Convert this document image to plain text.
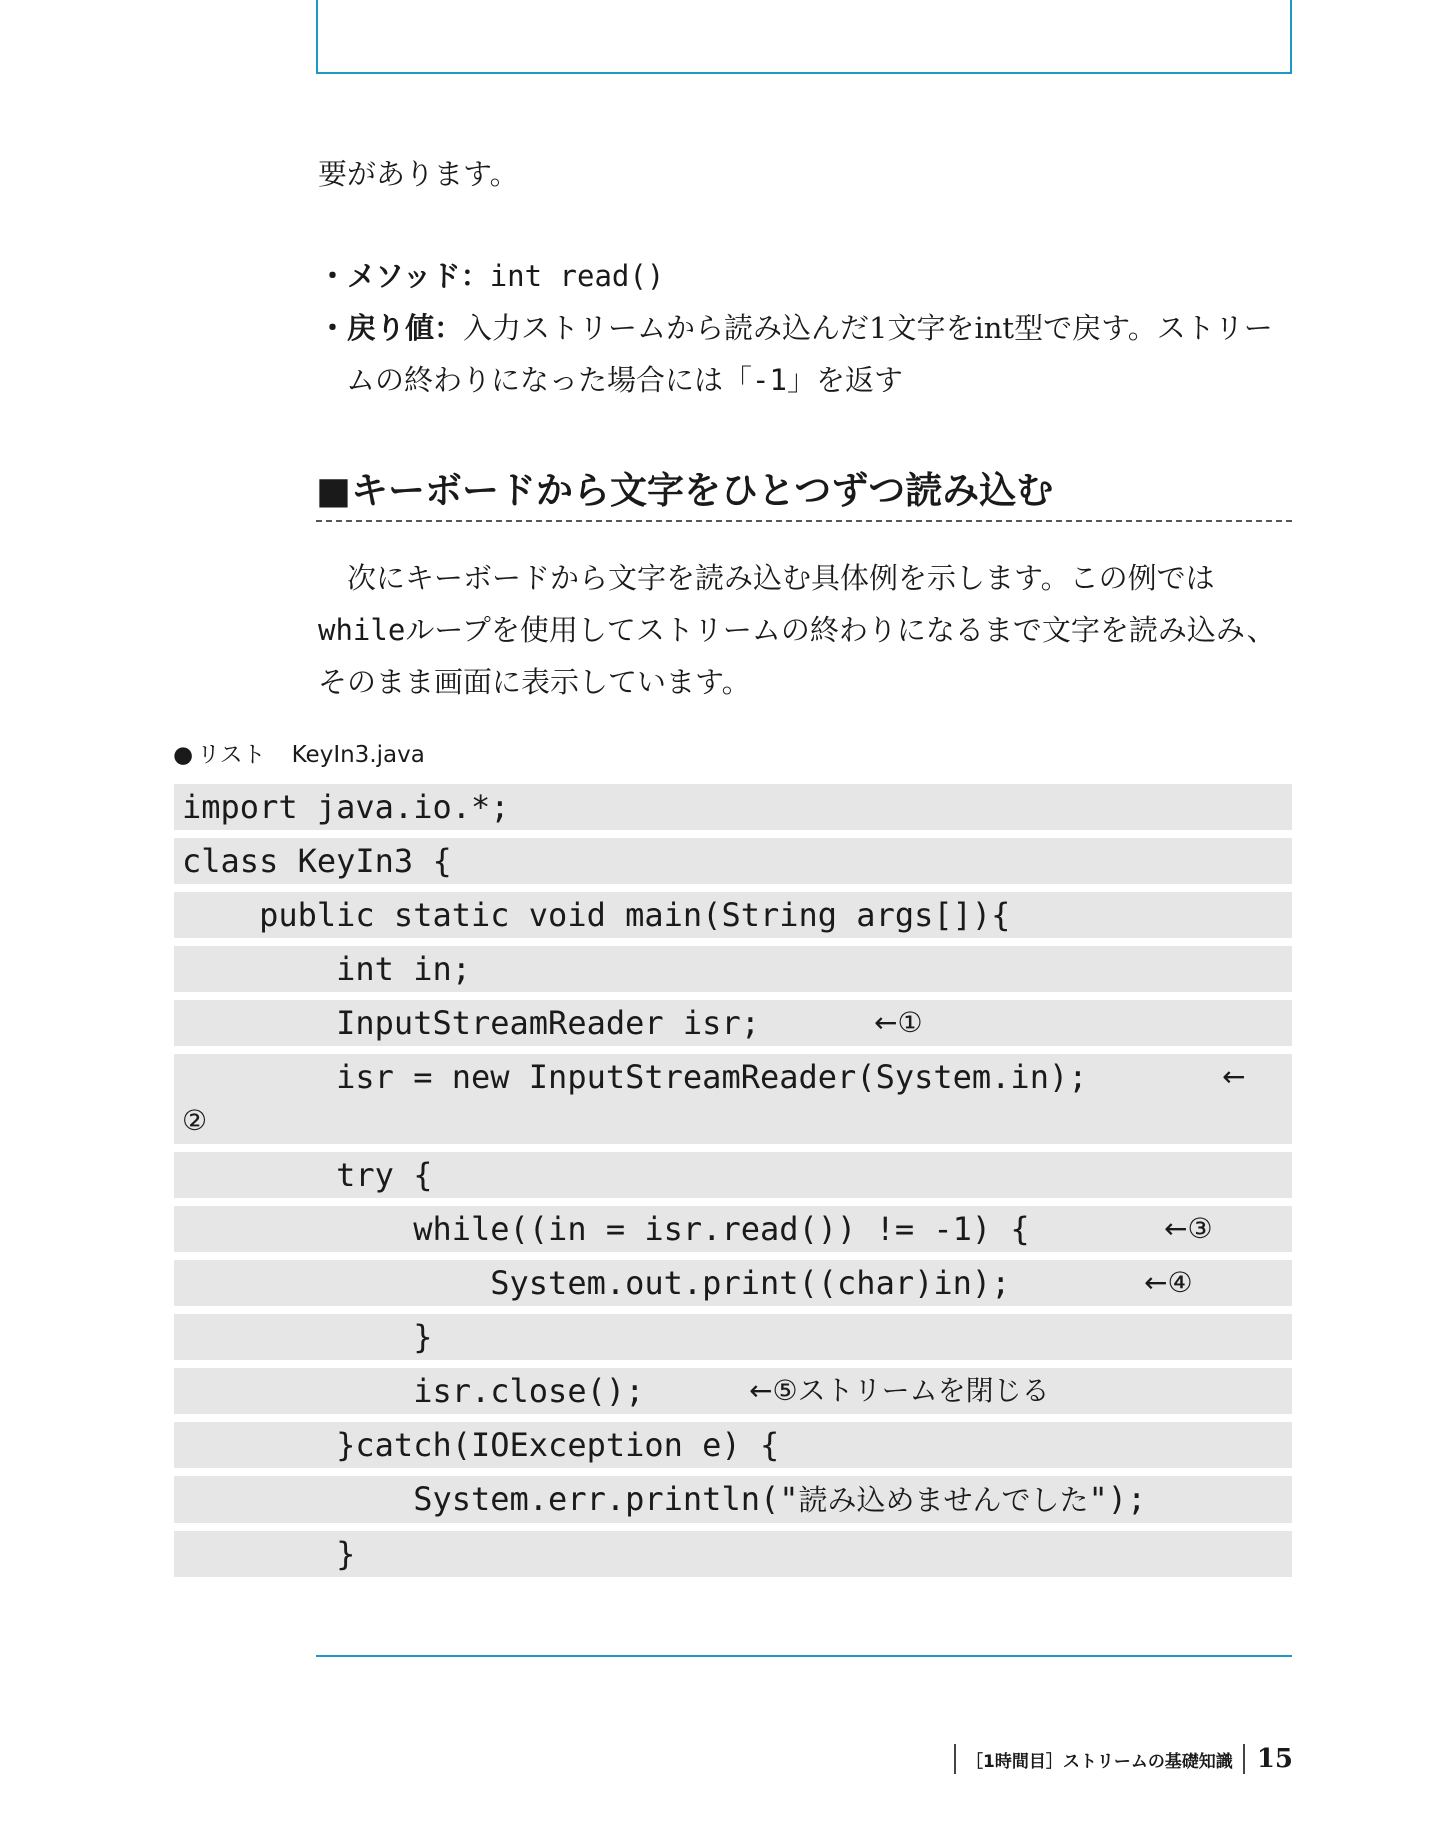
要があります。

・メソッド：int read()

・戻り値：入力ストリームから読み込んだ1文字をint型で戻す。ストリームの終わりになった場合には「-1」を返す

■キーボードから文字をひとつずつ読み込む

次にキーボードから文字を読み込む具体例を示します。この例ではwhileループを使用してストリームの終わりになるまで文字を読み込み、そのまま画面に表示しています。

● リスト KeyIn3.java
import java.io.*;
class KeyIn3 {
public static void main(String args[]){
int in;
InputStreamReader isr;	←①
isr = new InputStreamReader(System.in);	←
②
try {
while((in = isr.read()) != -1) {	←③
System.out.print((char)in);	←④
}
isr.close();	←⑤ストリームを閉じる
}catch(IOException e) {
System.err.println("読み込めませんでした");
}
［1時間目］ストリームの基礎知識 15
